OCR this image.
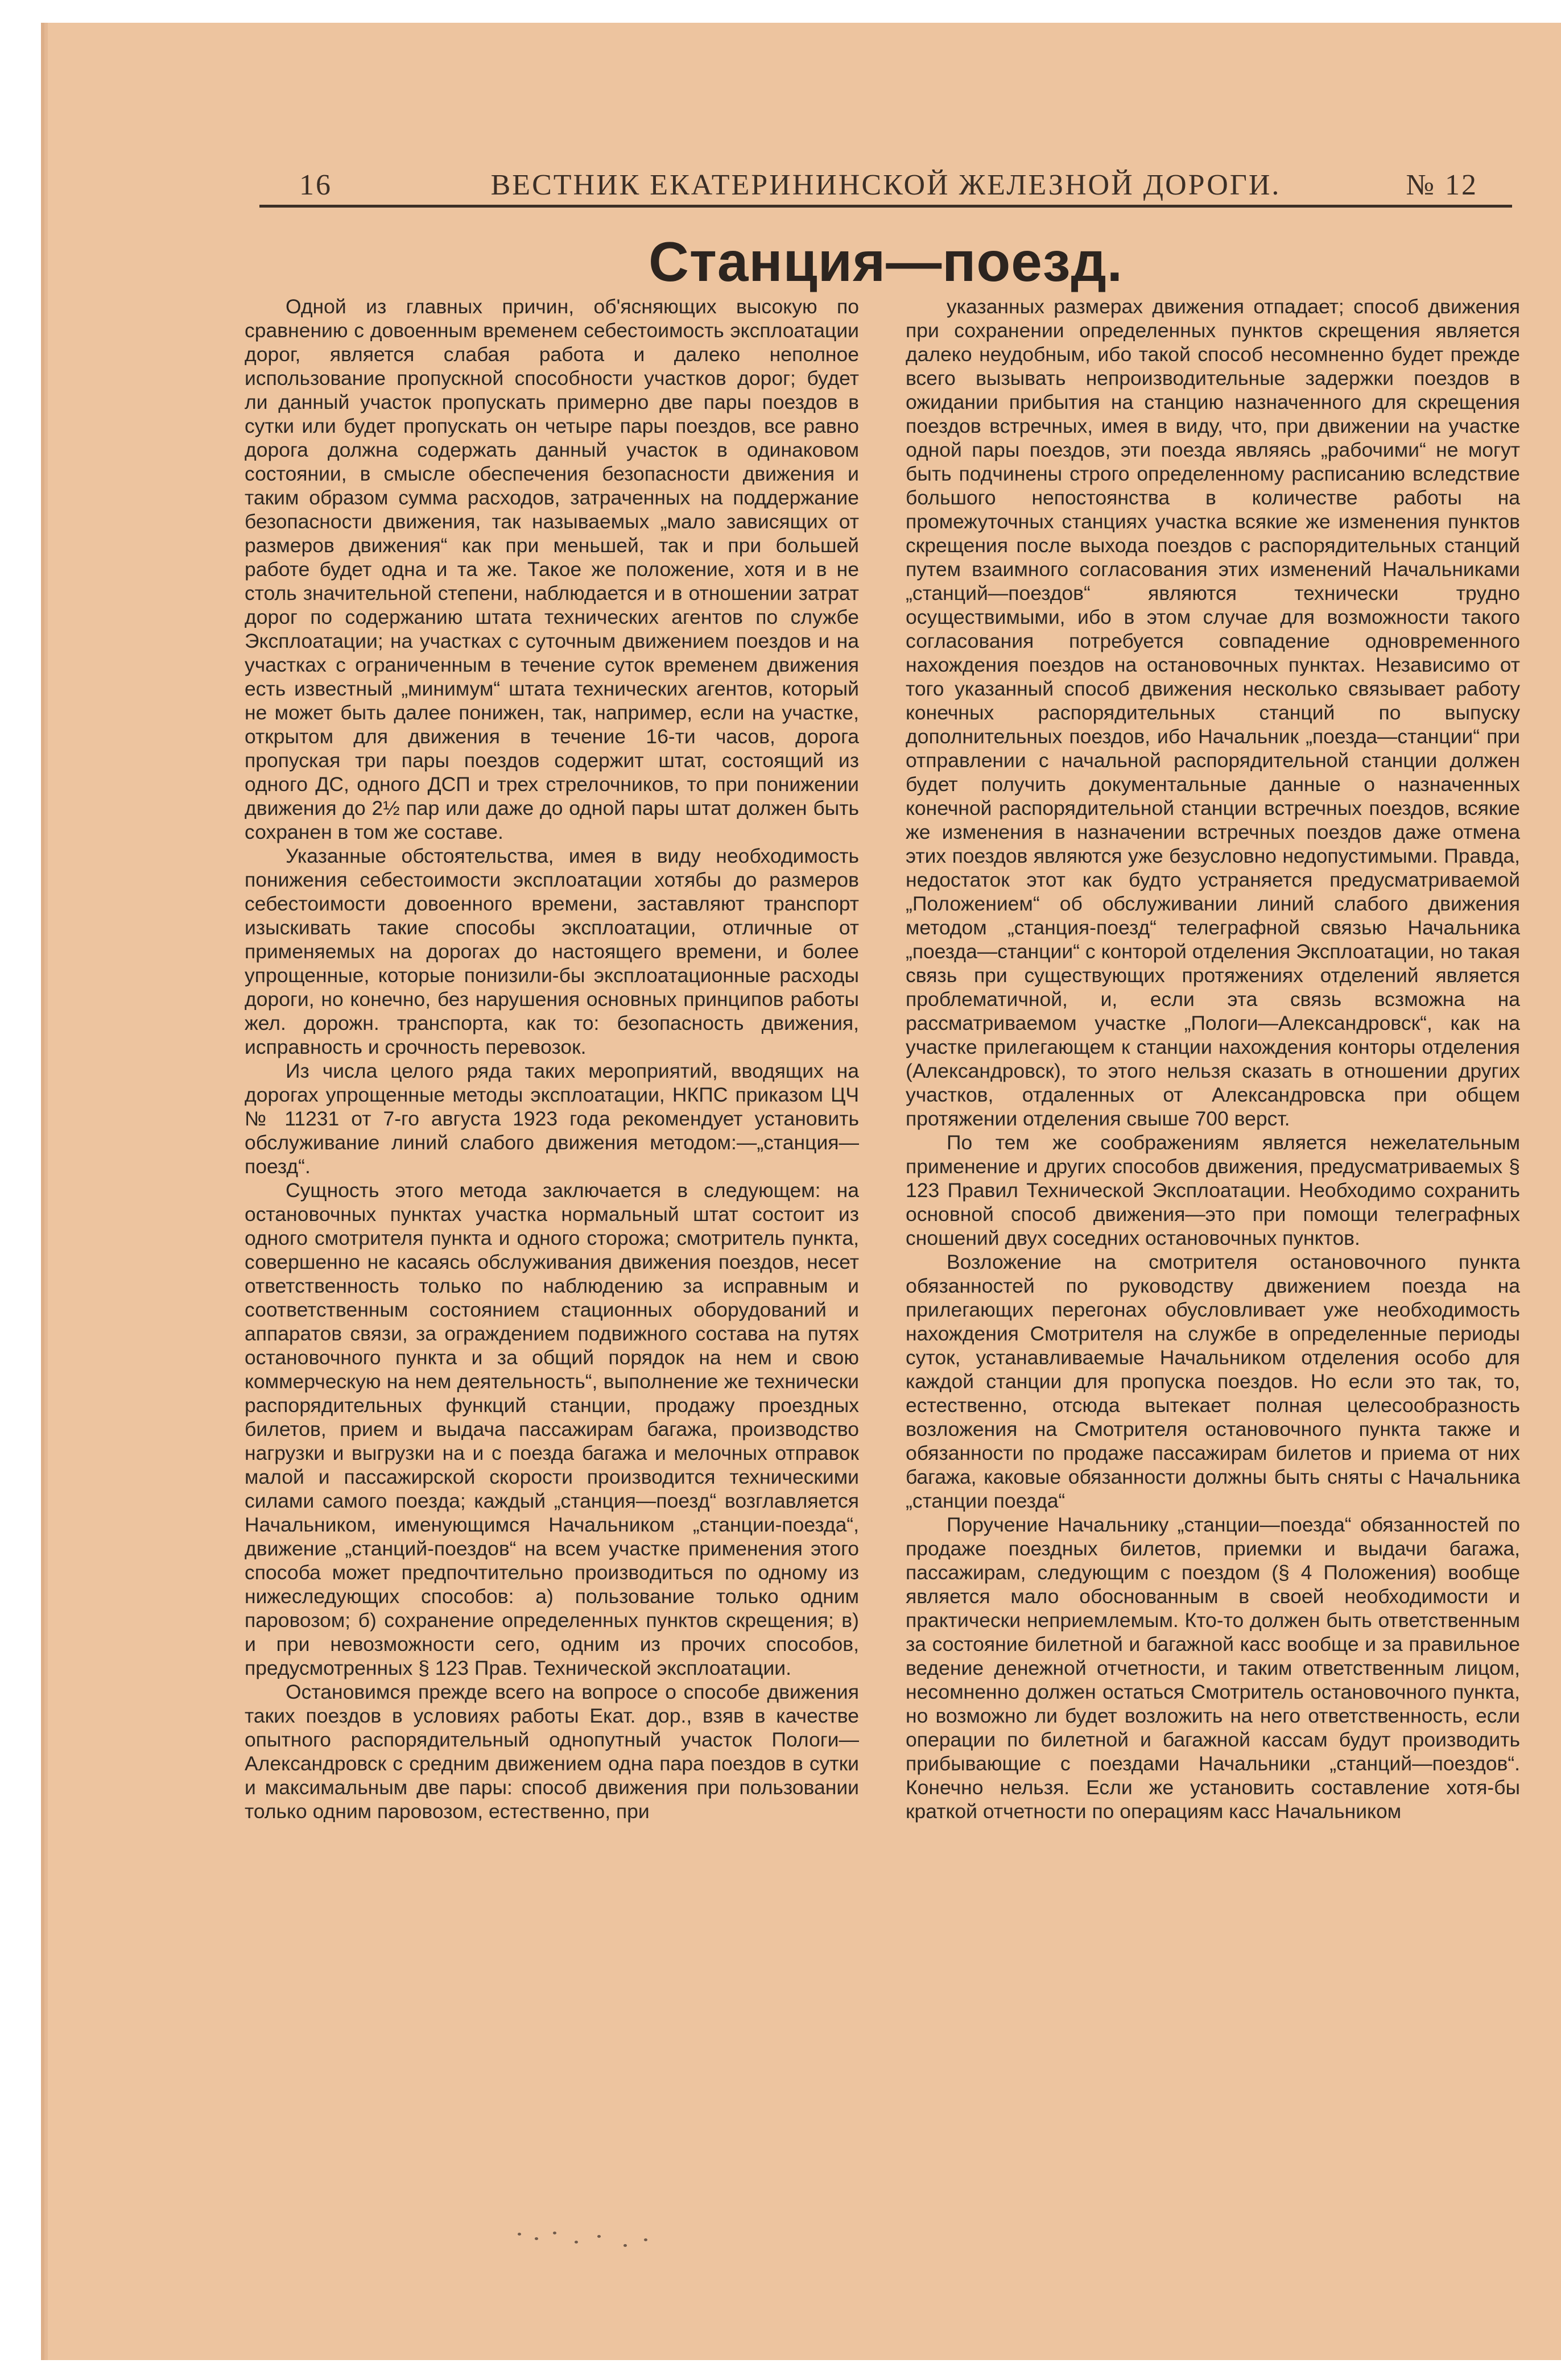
16	ВЕСТНИК ЕКАТЕРИНИНСКОЙ ЖЕЛЕЗНОЙ ДОРОГИ.	№ 12
Станция—поезд.

Одной из главных причин, об'ясняющих высокую по сравнению с довоенным временем себестоимость эксплоатации дорог, является слабая работа и далеко неполное использование пропускной способности участков дорог; будет ли данный участок пропускать примерно две пары поездов в сутки или будет пропускать он четыре пары поездов, все равно дорога должна содержать данный участок в одинаковом состоянии, в смысле обеспечения безопасности движения и таким образом сумма расходов, затраченных на поддержание безопасности движения, так называемых „мало зависящих от размеров движения“ как при меньшей, так и при большей работе будет одна и та же. Такое же положение, хотя и в не столь значительной степени, наблюдается и в отношении затрат дорог по содержанию штата технических агентов по службе Эксплоатации; на участках с суточным движением поездов и на участках с ограниченным в течение суток временем движения есть известный „минимум“ штата технических агентов, который не может быть далее понижен, так, например, если на участке, открытом для движения в течение 16-ти часов, дорога пропуская три пары поездов содержит штат, состоящий из одного ДС, одного ДСП и трех стрелочников, то при понижении движения до 2½ пар или даже до одной пары штат должен быть сохранен в том же составе.

Указанные обстоятельства, имея в виду необходимость понижения себестоимости эксплоатации хотябы до размеров себестоимости довоенного времени, заставляют транспорт изыскивать такие способы эксплоатации, отличные от применяемых на дорогах до настоящего времени, и более упрощенные, которые понизили-бы эксплоатационные расходы дороги, но конечно, без нарушения основных принципов работы жел. дорожн. транспорта, как то: безопасность движения, исправность и срочность перевозок.

Из числа целого ряда таких мероприятий, вводящих на дорогах упрощенные методы эксплоатации, НКПС приказом ЦЧ № 11231 от 7-го августа 1923 года рекомендует установить обслуживание линий слабого движения методом:—„станция—поезд“.

Сущность этого метода заключается в следующем: на остановочных пунктах участка нормальный штат состоит из одного смотрителя пункта и одного сторожа; смотритель пункта, совершенно не касаясь обслуживания движения поездов, несет ответственность только по наблюдению за исправным и соответственным состоянием стационных оборудований и аппаратов связи, за ограждением подвижного состава на путях остановочного пункта и за общий порядок на нем и свою коммерческую на нем деятельность“, выполнение же технически распорядительных функций станции, продажу проездных билетов, прием и выдача пассажирам багажа, производство нагрузки и выгрузки на и с поезда багажа и мелочных отправок малой и пассажирской скорости производится техническими силами самого поезда; каждый „станция—поезд“ возглавляется Начальником, именующимся Начальником „станции-поезда“, движение „станций-поездов“ на всем участке применения этого способа может предпочтительно производиться по одному из нижеследующих способов: а) пользование только одним паровозом; б) сохранение определенных пунктов скрещения; в) и при невозможности сего, одним из прочих способов, предусмотренных § 123 Прав. Технической эксплоатации.

Остановимся прежде всего на вопросе о способе движения таких поездов в условиях работы Екат. дор., взяв в качестве опытного распорядительный однопутный участок Пологи—Александровск с средним движением одна пара поездов в сутки и максимальным две пары: способ движения при пользовании только одним паровозом, естественно, при

указанных размерах движения отпадает; способ движения при сохранении определенных пунктов скрещения является далеко неудобным, ибо такой способ несомненно будет прежде всего вызывать непроизводительные задержки поездов в ожидании прибытия на станцию назначенного для скрещения поездов встречных, имея в виду, что, при движении на участке одной пары поездов, эти поезда являясь „рабочими“ не могут быть подчинены строго определенному расписанию вследствие большого непостоянства в количестве работы на промежуточных станциях участка всякие же изменения пунктов скрещения после выхода поездов с распорядительных станций путем взаимного согласования этих изменений Начальниками „станций—поездов“ являются технически трудно осуществимыми, ибо в этом случае для возможности такого согласования потребуется совпадение одновременного нахождения поездов на остановочных пунктах. Независимо от того указанный способ движения несколько связывает работу конечных распорядительных станций по выпуску дополнительных поездов, ибо Начальник „поезда—станции“ при отправлении с начальной распорядительной станции должен будет получить документальные данные о назначенных конечной распорядительной станции встречных поездов, всякие же изменения в назначении встречных поездов даже отмена этих поездов являются уже безусловно недопустимыми. Правда, недостаток этот как будто устраняется предусматриваемой „Положением“ об обслуживании линий слабого движения методом „станция-поезд“ телеграфной связью Начальника „поезда—станции“ с конторой отделения Эксплоатации, но такая связь при существующих протяжениях отделений является проблематичной, и, если эта связь всзможна на рассматриваемом участке „Пологи—Александровск“, как на участке прилегающем к станции нахождения конторы отделения (Александровск), то этого нельзя сказать в отношении других участков, отдаленных от Александровска при общем протяжении отделения свыше 700 верст.

По тем же соображениям является нежелательным применение и других способов движения, предусматриваемых § 123 Правил Технической Эксплоатации. Необходимо сохранить основной способ движения—это при помощи телеграфных сношений двух соседних остановочных пунктов.

Возложение на смотрителя остановочного пункта обязанностей по руководству движением поезда на прилегающих перегонах обусловливает уже необходимость нахождения Смотрителя на службе в определенные периоды суток, устанавливаемые Начальником отделения особо для каждой станции для пропуска поездов. Но если это так, то, естественно, отсюда вытекает полная целесообразность возложения на Смотрителя остановочного пункта также и обязанности по продаже пассажирам билетов и приема от них багажа, каковые обязанности должны быть сняты с Начальника „станции поезда“

Поручение Начальнику „станции—поезда“ обязанностей по продаже поездных билетов, приемки и выдачи багажа, пассажирам, следующим с поездом (§ 4 Положения) вообще является мало обоснованным в своей необходимости и практически неприемлемым. Кто-то должен быть ответственным за состояние билетной и багажной касс вообще и за правильное ведение денежной отчетности, и таким ответственным лицом, несомненно должен остаться Смотритель остановочного пункта, но возможно ли будет возложить на него ответственность, если операции по билетной и багажной кассам будут производить прибывающие с поездами Начальники „станций—поездов“. Конечно нельзя. Если же установить составление хотя-бы краткой отчетности по операциям касс Начальником
